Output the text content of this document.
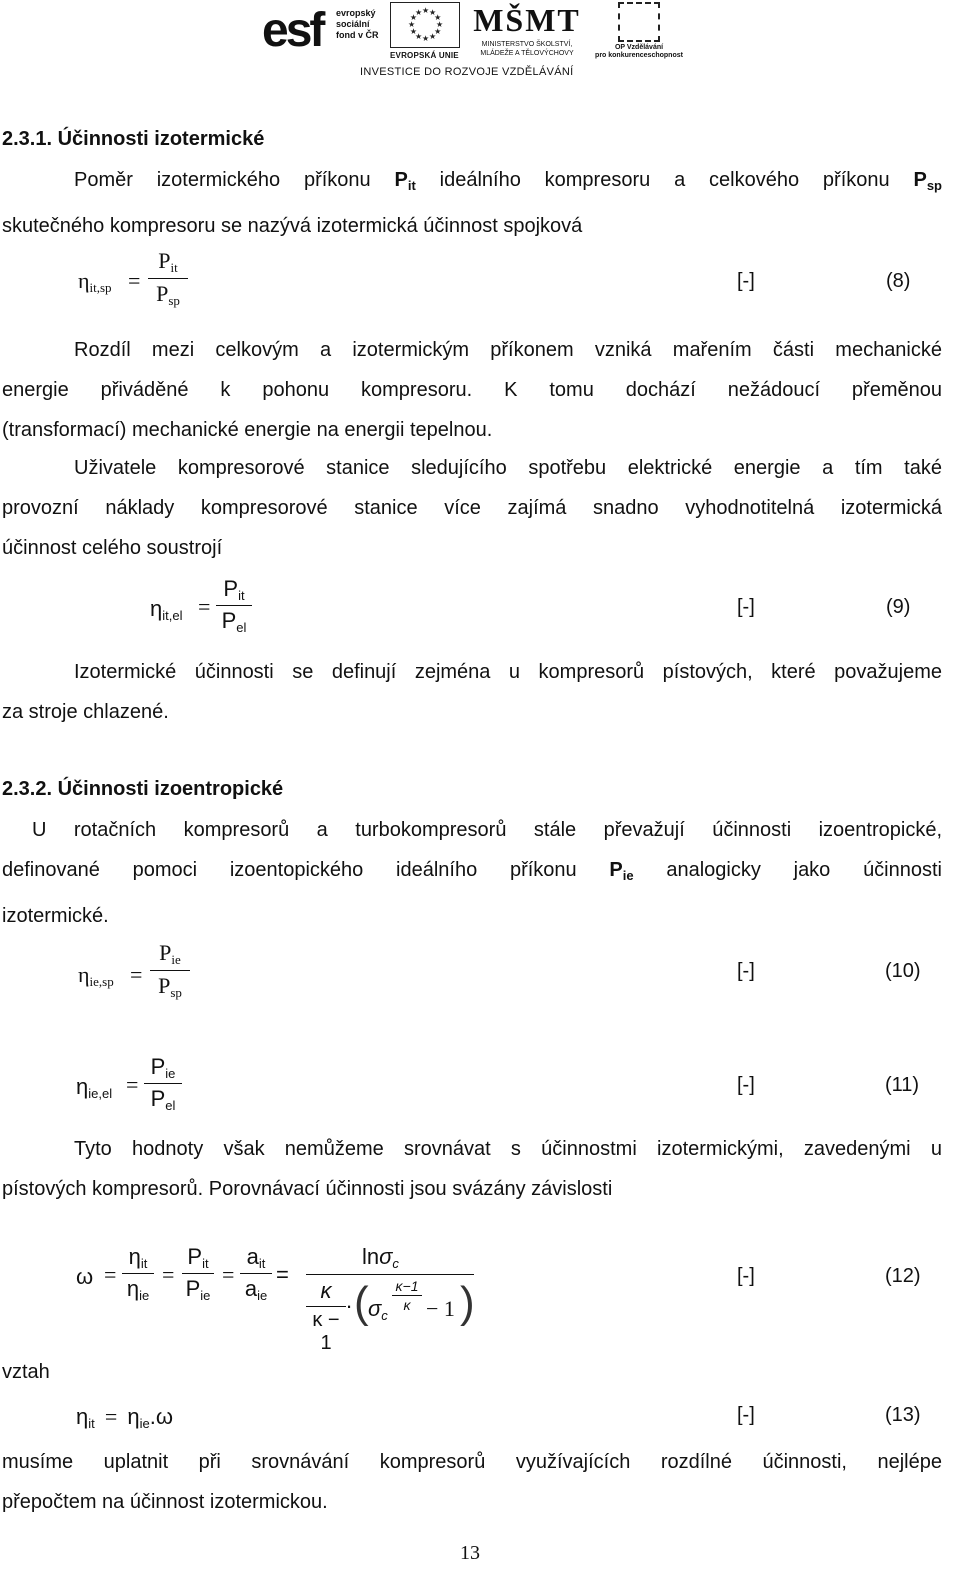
esf evropský
sociální
fond v ČR
★
★
★
★
★
★
★
★
★ ★ ★
★
EVROPSKÁ UNIE
MŠMT
MINISTERSTVO ŠKOLSTVÍ,
MLÁDEŽE A TĚLOVÝCHOVY
OP Vzdělávání
pro konkurenceschopnost
INVESTICE DO ROZVOJE VZDĚLÁVÁNÍ
2.3.1. Účinnosti izotermické
Poměr izotermického příkonu $P_{it}$ ideálního kompresoru a celkového příkonu $P_{sp}$
skutečného kompresoru se nazývá izotermická účinnost spojková
$\eta_{it,sp}$ =
$P_{it}$
$P_{sp}$
[-]	(8)
Rozdíl mezi celkovým a izotermickým příkonem vzniká mařením části mechanické
energie přiváděné k pohonu kompresoru. K tomu dochází nežádoucí přeměnou
(transformací) mechanické energie na energii tepelnou.
Uživatele kompresorové stanice sledujícího spotřebu elektrické energie a tím také
provozní náklady kompresorové stanice více zajímá snadno vyhodnotitelná izotermická
účinnost celého soustrojí
$\eta_{it,el}$ =
$P_{it}$
$P_{el}$
[-]	(9)
Izotermické účinnosti se definují zejména u kompresorů pístových, které považujeme
za stroje chlazené.
2.3.2. Účinnosti izoentropické
U rotačních kompresorů a turbokompresorů stále převažují účinnosti izoentropické,
definované pomoci izoentopického ideálního příkonu $P_{ie}$ analogicky jako účinnosti
izotermické.
$\eta_{ie,sp}$ =
$P_{ie}$
$P_{sp}$
[-]	(10)
$\eta_{ie,el}$ =
$P_{ie}$
$P_{el}$
[-]	(11)
Tyto hodnoty však nemůžeme srovnávat s účinnostmi izotermickými, zavedenými u
pístových kompresorů. Porovnávací účinnosti jsou svázány závislosti
ω =
$\eta_{it}$
$\eta_{ie}$
=
$P_{it}$
$P_{ie}$
=
$a_{it}$
$a_{ie}$
=
lnσ$_c$
κ
κ − 1
. ( $\sigma_c$
κ−1
κ − 1 )
[-]	(12)
vztah
$\eta_{it} = \eta_{ie}.\omega$	[-]	(13)
musíme uplatnit při srovnávání kompresorů využívajících rozdílné účinnosti, nejlépe
přepočtem na účinnost izotermickou.
13
